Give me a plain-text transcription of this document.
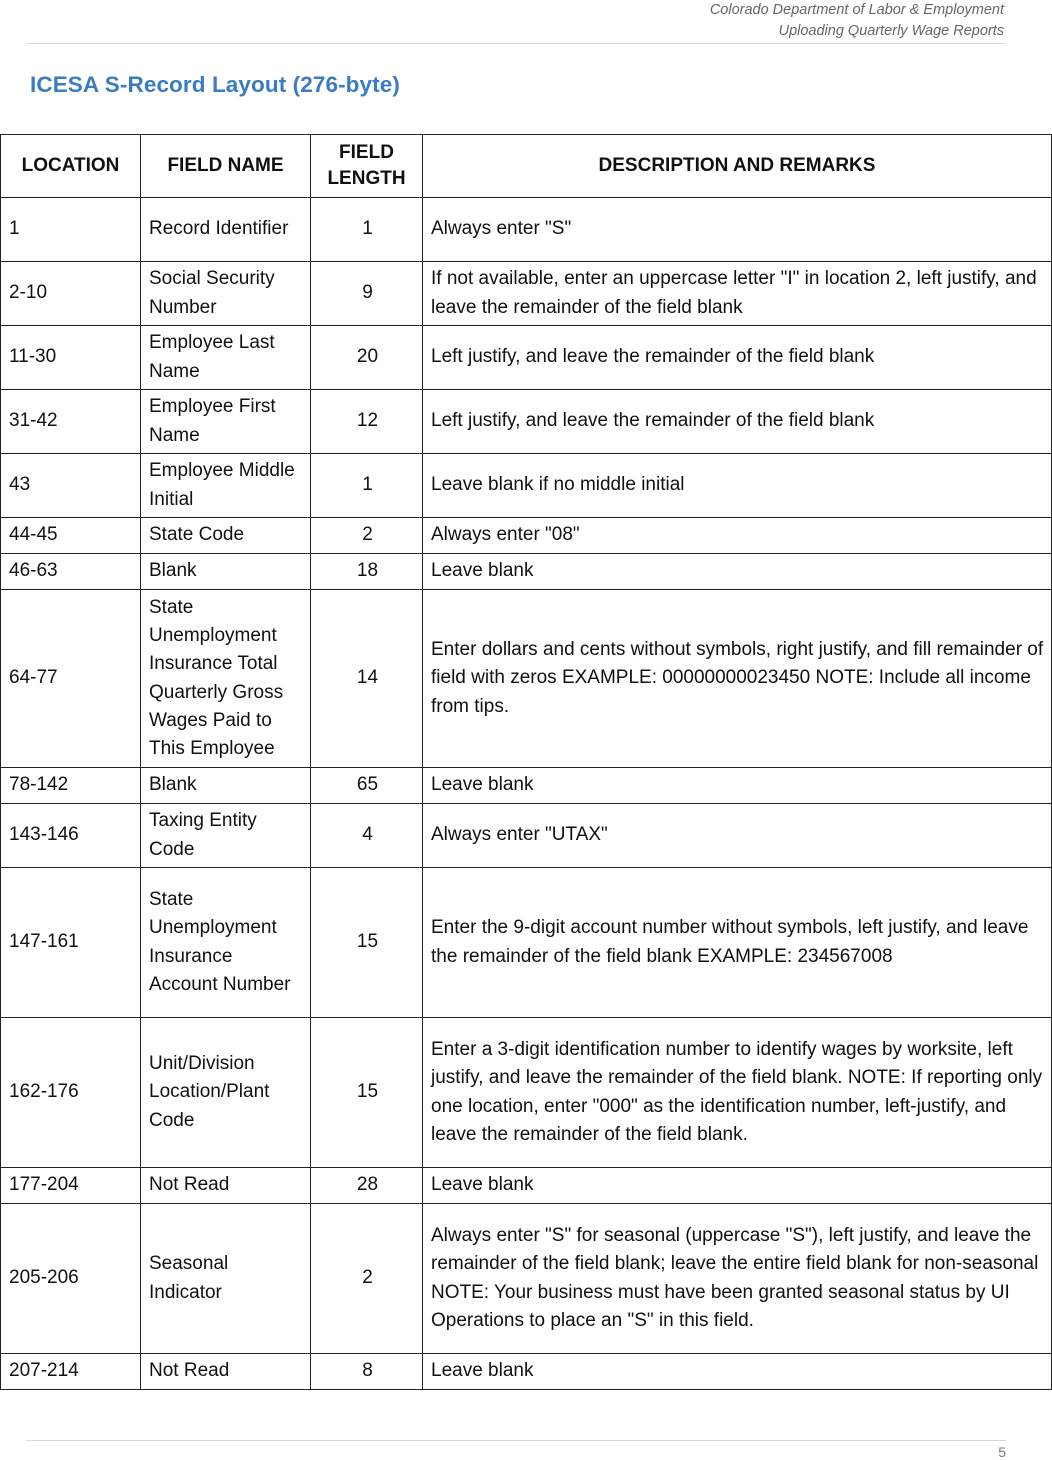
Colorado Department of Labor & Employment
Uploading Quarterly Wage Reports
ICESA S-Record Layout (276-byte)
LOCATION	FIELD NAME	FIELD LENGTH	DESCRIPTION AND REMARKS
1	Record Identifier	1	Always enter "S"
2-10	Social Security Number	9	If not available, enter an uppercase letter "I" in location 2, left justify, and leave the remainder of the field blank
11-30	Employee Last Name	20	Left justify, and leave the remainder of the field blank
31-42	Employee First Name	12	Left justify, and leave the remainder of the field blank
43	Employee Middle Initial	1	Leave blank if no middle initial
44-45	State Code	2	Always enter "08"
46-63	Blank	18	Leave blank
64-77	State Unemployment Insurance Total Quarterly Gross Wages Paid to This Employee	14	Enter dollars and cents without symbols, right justify, and fill remainder of field with zeros EXAMPLE: 00000000023450 NOTE: Include all income from tips.
78-142	Blank	65	Leave blank
143-146	Taxing Entity Code	4	Always enter "UTAX"
147-161	State Unemployment Insurance Account Number	15	Enter the 9-digit account number without symbols, left justify, and leave the remainder of the field blank EXAMPLE: 234567008
162-176	Unit/Division Location/Plant Code	15	Enter a 3-digit identification number to identify wages by worksite, left justify, and leave the remainder of the field blank. NOTE: If reporting only one location, enter "000" as the identification number, left-justify, and leave the remainder of the field blank.
177-204	Not Read	28	Leave blank
205-206	Seasonal Indicator	2	Always enter "S" for seasonal (uppercase "S"), left justify, and leave the remainder of the field blank; leave the entire field blank for non-seasonal NOTE: Your business must have been granted seasonal status by UI Operations to place an "S" in this field.
207-214	Not Read	8	Leave blank
5
